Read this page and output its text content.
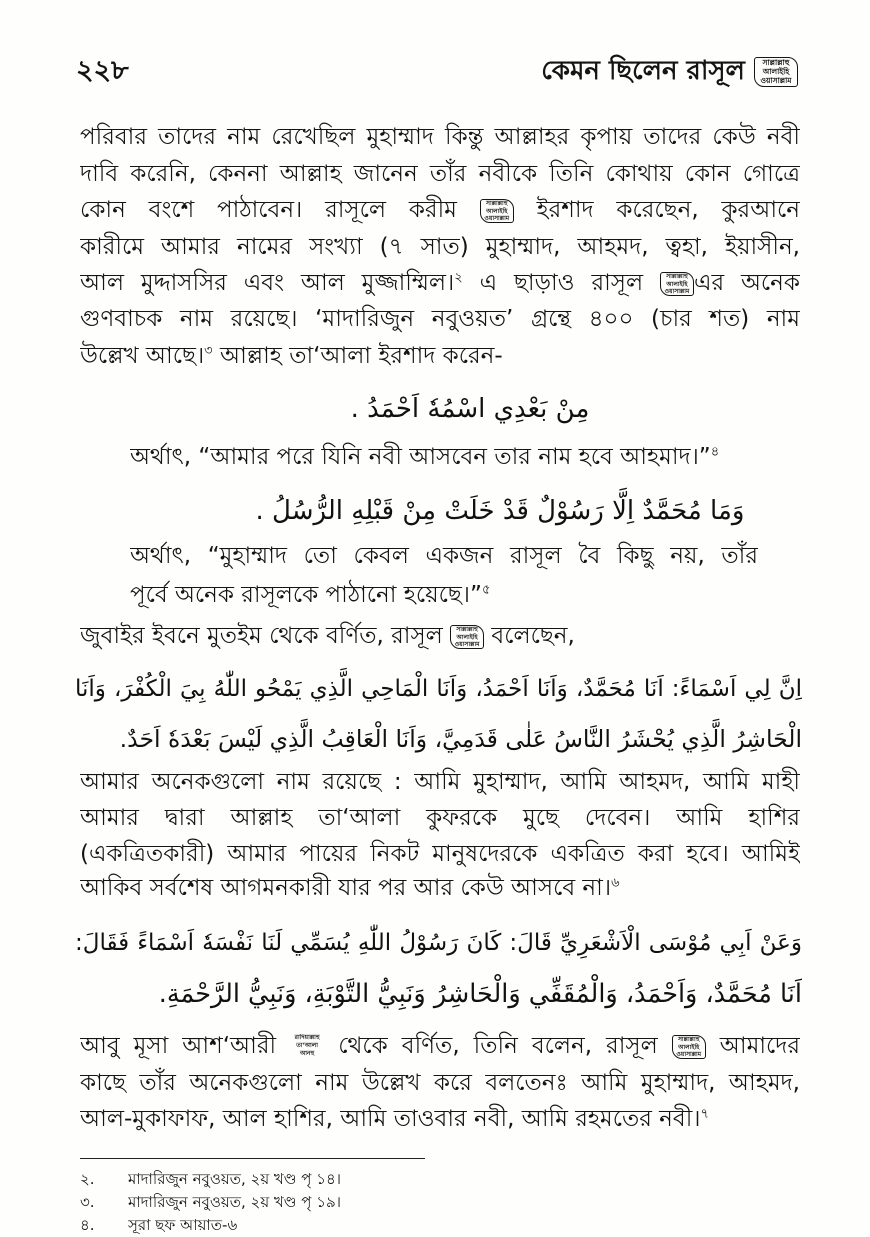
২২৮	কেমন ছিলেন রাসূল	সাল্লাল্লাহু
আলাইহি
ওয়াসাল্লাম
পরিবার তাদের নাম রেখেছিল মুহাম্মাদ কিন্তু আল্লাহর কৃপায় তাদের কেউ নবী
দাবি করেনি, কেননা আল্লাহ জানেন তাঁর নবীকে তিনি কোথায় কোন গোত্রে
কোন বংশে পাঠাবেন। রাসূলে করীম	সাল্লাল্লাহু
আলাইহি
ওয়াসাল্লাম ইরশাদ করেছেন, কুরআনে
কারীমে আমার নামের সংখ্যা (৭ সাত) মুহাম্মাদ, আহমদ, ত্বহা, ইয়াসীন,
আল মুদ্দাসসির এবং আল মুজ্জাম্মিল।$^২$ এ ছাড়াও রাসূল	সাল্লাল্লাহু
আলাইহি
ওয়াসাল্লাম এর অনেক
গুণবাচক নাম রয়েছে। ‘মাদারিজুন নবুওয়ত’ গ্রন্থে ৪০০ (চার শত) নাম
উল্লেখ আছে।$^৩$ আল্লাহ তা‘আলা ইরশাদ করেন-
مِنْ بَعْدِي اسْمُهٗ اَحْمَدُ .
অর্থাৎ, “আমার পরে যিনি নবী আসবেন তার নাম হবে আহমাদ।”$^৪$
وَمَا مُحَمَّدٌ اِلَّا رَسُوْلٌ قَدْ خَلَتْ مِنْ قَبْلِهِ الرُّسُلُ .
অর্থাৎ, “মুহাম্মাদ তো কেবল একজন রাসূল বৈ কিছু নয়, তাঁর
পূর্বে অনেক রাসূলকে পাঠানো হয়েছে।”$^৫$
জুবাইর ইবনে মুতইম থেকে বর্ণিত, রাসূল	সাল্লাল্লাহু
আলাইহি
ওয়াসাল্লাম বলেছেন,
اِنَّ لِي اَسْمَاءً: اَنَا مُحَمَّدٌ، وَاَنَا اَحْمَدُ، وَاَنَا الْمَاحِي الَّذِي يَمْحُو اللّٰهُ بِيَ الْكُفْرَ، وَاَنَا
الْحَاشِرُ الَّذِي يُحْشَرُ النَّاسُ عَلٰى قَدَمِيَّ، وَاَنَا الْعَاقِبُ الَّذِي لَيْسَ بَعْدَهٗ اَحَدٌ.
আমার অনেকগুলো নাম রয়েছে : আমি মুহাম্মাদ, আমি আহমদ, আমি মাহী
আমার দ্বারা আল্লাহ তা‘আলা কুফরকে মুছে দেবেন। আমি হাশির
(একত্রিতকারী) আমার পায়ের নিকট মানুষদেরকে একত্রিত করা হবে। আমিই
আকিব সর্বশেষ আগমনকারী যার পর আর কেউ আসবে না।$^৬$
وَعَنْ اَبِي مُوْسَى الْاَشْعَرِيِّ قَالَ: كَانَ رَسُوْلُ اللّٰهِ يُسَمِّي لَنَا نَفْسَهٗ اَسْمَاءً فَقَالَ:
اَنَا مُحَمَّدٌ، وَاَحْمَدُ، وَالْمُقَفِّي وَالْحَاشِرُ وَنَبِيُّ التَّوْبَةِ، وَنَبِيُّ الرَّحْمَةِ.
আবু মূসা আশ‘আরী	রাদিয়াল্লাহু
তা‘আলা
আনহু	থেকে বর্ণিত, তিনি বলেন, রাসূল	সাল্লাল্লাহু
আলাইহি
ওয়াসাল্লাম আমাদের
কাছে তাঁর অনেকগুলো নাম উল্লেখ করে বলতেনঃ আমি মুহাম্মাদ, আহমদ,
আল-মুকাফাফ, আল হাশির, আমি তাওবার নবী, আমি রহমতের নবী।$^৭$
২.	মাদারিজুন নবুওয়ত, ২য় খণ্ড পৃ ১৪।
৩.	মাদারিজুন নবুওয়ত, ২য় খণ্ড পৃ ১৯।
৪.	সূরা ছফ আয়াত-৬
